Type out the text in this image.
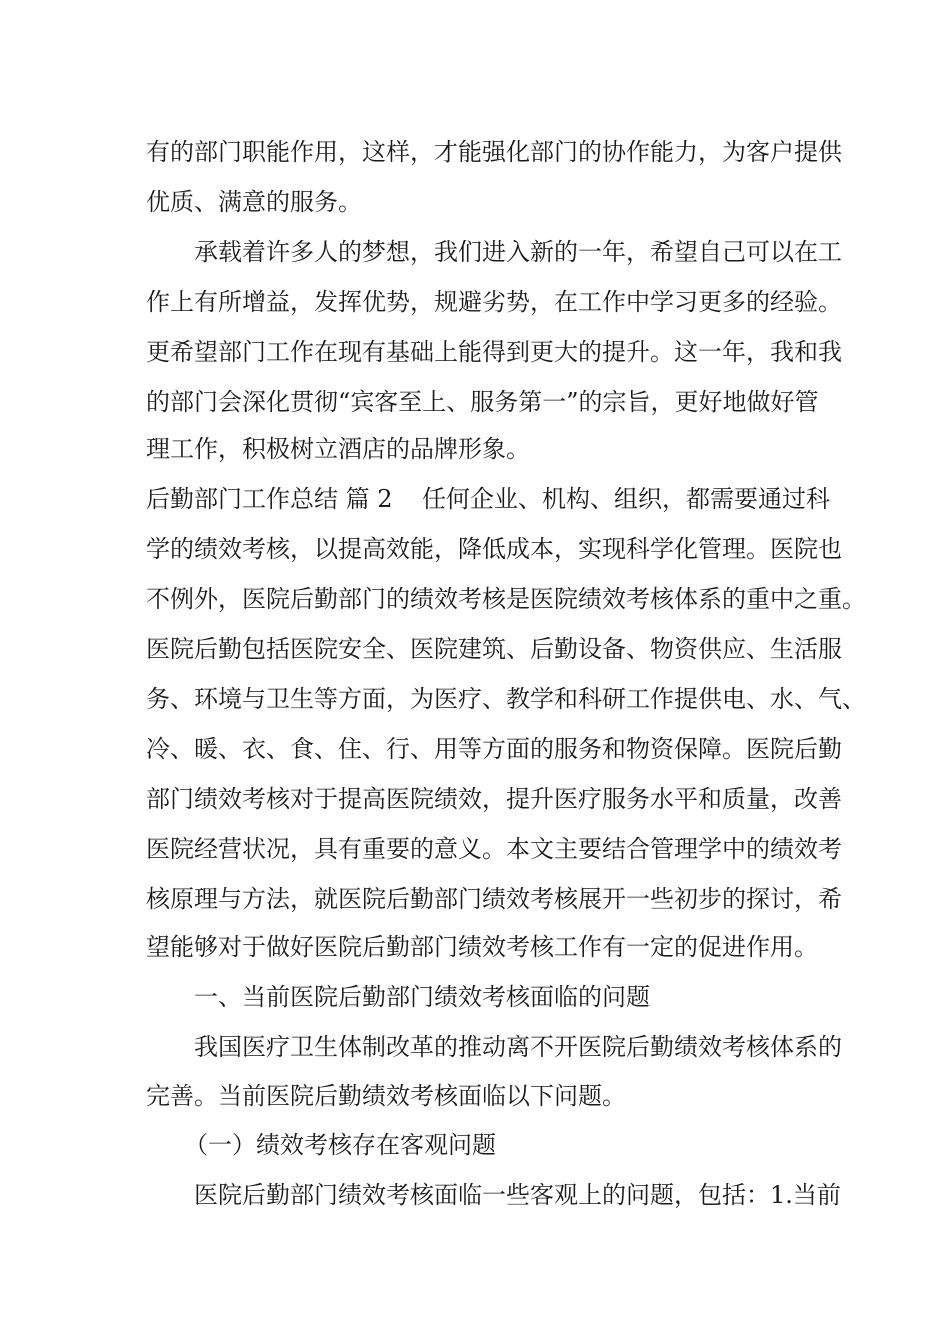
有的部门职能作用，这样，才能强化部门的协作能力，为客户提供

优质、满意的服务。

承载着许多人的梦想，我们进入新的一年，希望自己可以在工

作上有所增益，发挥优势，规避劣势，在工作中学习更多的经验。

更希望部门工作在现有基础上能得到更大的提升。这一年，我和我

的部门会深化贯彻“宾客至上、服务第一”的宗旨，更好地做好管

理工作，积极树立酒店的品牌形象。

后勤部门工作总结 篇 2 任何企业、机构、组织，都需要通过科

学的绩效考核，以提高效能，降低成本，实现科学化管理。医院也

不例外，医院后勤部门的绩效考核是医院绩效考核体系的重中之重。

医院后勤包括医院安全、医院建筑、后勤设备、物资供应、生活服

务、环境与卫生等方面，为医疗、教学和科研工作提供电、水、气、

冷、暖、衣、食、住、行、用等方面的服务和物资保障。医院后勤

部门绩效考核对于提高医院绩效，提升医疗服务水平和质量，改善

医院经营状况，具有重要的意义。本文主要结合管理学中的绩效考

核原理与方法，就医院后勤部门绩效考核展开一些初步的探讨，希

望能够对于做好医院后勤部门绩效考核工作有一定的促进作用。

一、当前医院后勤部门绩效考核面临的问题

我国医疗卫生体制改革的推动离不开医院后勤绩效考核体系的

完善。当前医院后勤绩效考核面临以下问题。

（一）绩效考核存在客观问题

医院后勤部门绩效考核面临一些客观上的问题，包括：1.当前
